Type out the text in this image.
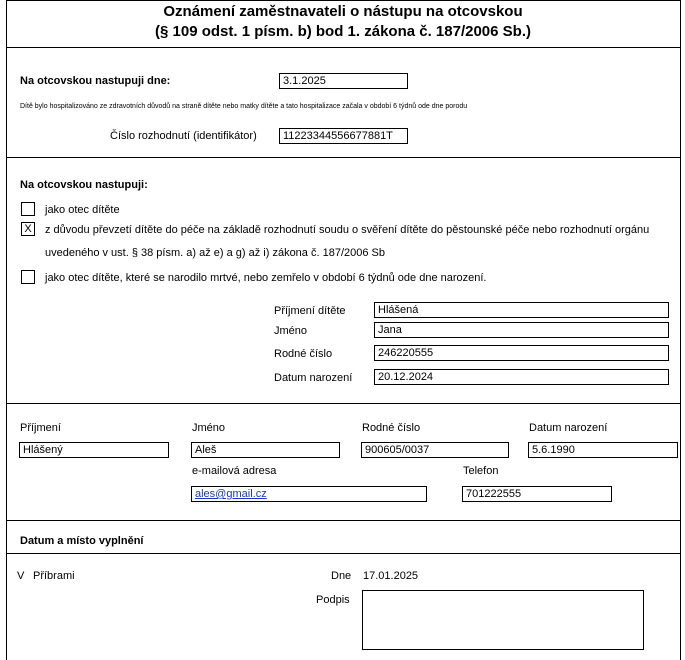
Oznámení zaměstnavateli o nástupu na otcovskou
(§ 109 odst. 1 písm. b) bod 1. zákona č. 187/2006 Sb.)
Na otcovskou nastupuji dne:	3.1.2025
Dítě bylo hospitalizováno ze zdravotních důvodů na straně dítěte nebo matky dítěte a tato hospitalizace začala v období 6 týdnů ode dne porodu
Číslo rozhodnutí (identifikátor)	11223344556677881T
Na otcovskou nastupuji:
jako otec dítěte
X	z důvodu převzetí dítěte do péče na základě rozhodnutí soudu o svěření dítěte do pěstounské péče nebo rozhodnutí orgánu
uvedeného v ust. § 38 písm. a) až e) a g) až i) zákona č. 187/2006 Sb
jako otec dítěte, které se narodilo mrtvé, nebo zemřelo v období 6 týdnů ode dne narození.
Příjmení dítěte	Hlášená
Jméno	Jana
Rodné číslo	246220555
Datum narození	20.12.2024
Příjmení
Hlášený
Jméno
Aleš
Rodné číslo
900605/0037
Datum narození
5.6.1990
e-mailová adresa
ales@gmail.cz
Telefon
701222555
Datum a místo vyplnění
V Příbrami	Dne 17.01.2025
Podpis
